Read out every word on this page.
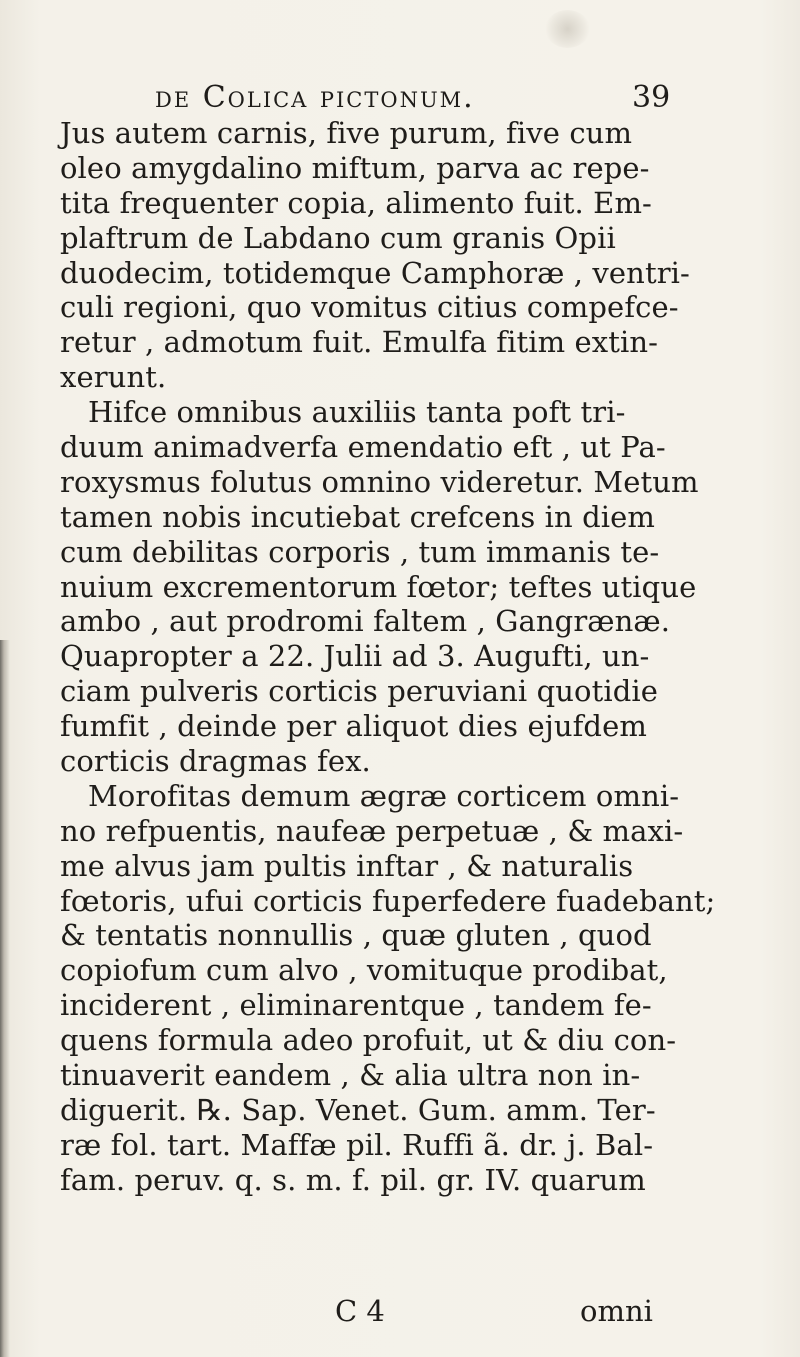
de Colica pictonum.	39
Jus autem carnis, five purum, five cum
oleo amygdalino miftum, parva ac repe-
tita frequenter copia, alimento fuit. Em-
plaftrum de Labdano cum granis Opii
duodecim, totidemque Camphoræ , ventri-
culi regioni, quo vomitus citius compefce-
retur , admotum fuit. Emulfa fitim extin-
xerunt.
Hifce omnibus auxiliis tanta poft tri-
duum animadverfa emendatio eft , ut Pa-
roxysmus folutus omnino videretur. Metum
tamen nobis incutiebat crefcens in diem
cum debilitas corporis , tum immanis te-
nuium excrementorum fœtor; teftes utique
ambo , aut prodromi faltem , Gangrænæ.
Quapropter a 22. Julii ad 3. Augufti, un-
ciam pulveris corticis peruviani quotidie
fumfit , deinde per aliquot dies ejufdem
corticis dragmas fex.
Morofitas demum ægræ corticem omni-
no refpuentis, naufeæ perpetuæ , & maxi-
me alvus jam pultis inftar , & naturalis
fœtoris, ufui corticis fuperfedere fuadebant;
& tentatis nonnullis , quæ gluten , quod
copiofum cum alvo , vomituque prodibat,
inciderent , eliminarentque , tandem fe-
quens formula adeo profuit, ut & diu con-
tinuaverit eandem , & alia ultra non in-
diguerit. ℞. Sap. Venet. Gum. amm. Ter-
ræ fol. tart. Maffæ pil. Ruffi ã. dr. j. Bal-
fam. peruv. q. s. m. f. pil. gr. IV. quarum
C 4	omni
